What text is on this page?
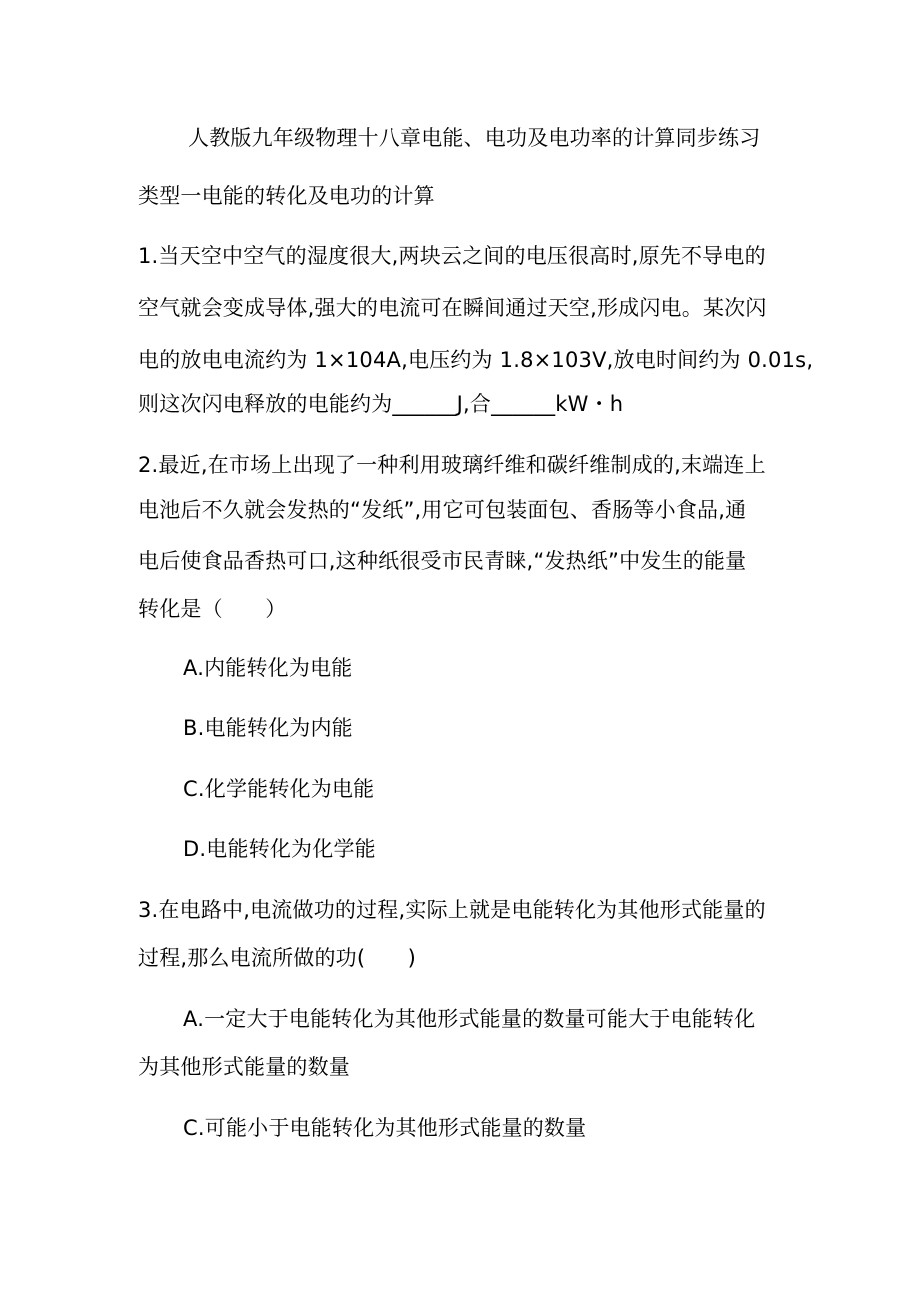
人教版九年级物理十八章电能、电功及电功率的计算同步练习
类型一电能的转化及电功的计算
1.当天空中空气的湿度很大,两块云之间的电压很高时,原先不导电的
空气就会变成导体,强大的电流可在瞬间通过天空,形成闪电。某次闪
电的放电电流约为 1×104A,电压约为 1.8×103V,放电时间约为 0.01s,
则这次闪电释放的电能约为______J,合______kW・h
2.最近,在市场上出现了一种利用玻璃纤维和碳纤维制成的,末端连上
电池后不久就会发热的“发纸”,用它可包装面包、香肠等小食品,通
电后使食品香热可口,这种纸很受市民青睐,“发热纸”中发生的能量
转化是（　　）
A.内能转化为电能
B.电能转化为内能
C.化学能转化为电能
D.电能转化为化学能
3.在电路中,电流做功的过程,实际上就是电能转化为其他形式能量的
过程,那么电流所做的功(　　)
A.一定大于电能转化为其他形式能量的数量可能大于电能转化
为其他形式能量的数量
C.可能小于电能转化为其他形式能量的数量
